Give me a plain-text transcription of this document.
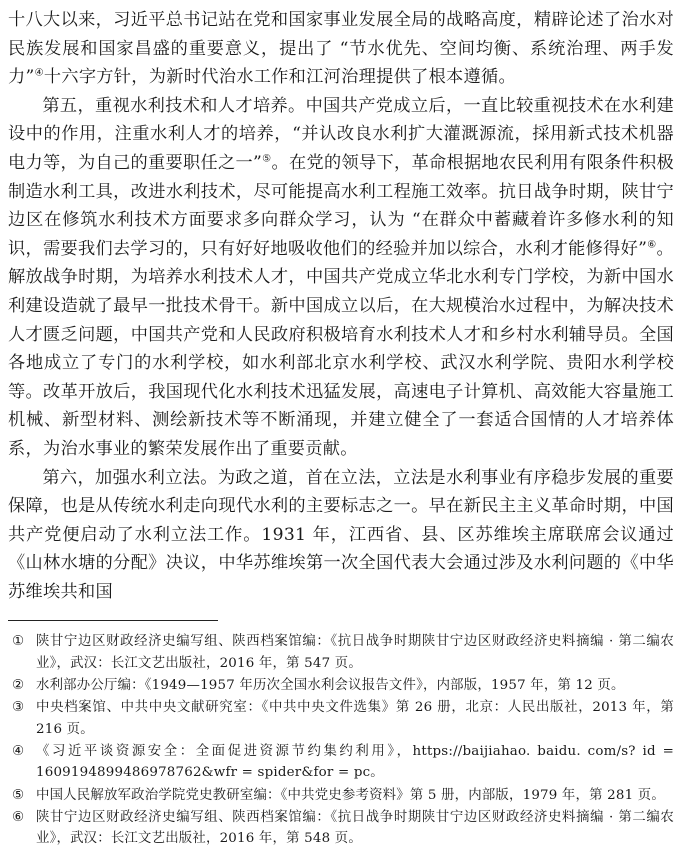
十八大以来，习近平总书记站在党和国家事业发展全局的战略高度，精辟论述了治水对民族发展和国家昌盛的重要意义，提出了 “节水优先、空间均衡、系统治理、两手发力”④十六字方针，为新时代治水工作和江河治理提供了根本遵循。

第五，重视水利技术和人才培养。中国共产党成立后，一直比较重视技术在水利建设中的作用，注重水利人才的培养，“并认改良水利扩大灌溉源流，採用新式技术机器电力等，为自己的重要职任之一”⑤。在党的领导下，革命根据地农民利用有限条件积极制造水利工具，改进水利技术，尽可能提高水利工程施工效率。抗日战争时期，陕甘宁边区在修筑水利技术方面要求多向群众学习，认为 “在群众中蓄藏着许多修水利的知识，需要我们去学习的，只有好好地吸收他们的经验并加以综合，水利才能修得好”⑥。解放战争时期，为培养水利技术人才，中国共产党成立华北水利专门学校，为新中国水利建设造就了最早一批技术骨干。新中国成立以后，在大规模治水过程中，为解决技术人才匮乏问题，中国共产党和人民政府积极培育水利技术人才和乡村水利辅导员。全国各地成立了专门的水利学校，如水利部北京水利学校、武汉水利学院、贵阳水利学校等。改革开放后，我国现代化水利技术迅猛发展，高速电子计算机、高效能大容量施工机械、新型材料、测绘新技术等不断涌现，并建立健全了一套适合国情的人才培养体系，为治水事业的繁荣发展作出了重要贡献。

第六，加强水利立法。为政之道，首在立法，立法是水利事业有序稳步发展的重要保障，也是从传统水利走向现代水利的主要标志之一。早在新民主主义革命时期，中国共产党便启动了水利立法工作。1931 年，江西省、县、区苏维埃主席联席会议通过《山林水塘的分配》决议，中华苏维埃第一次全国代表大会通过涉及水利问题的《中华苏维埃共和国

① 陕甘宁边区财政经济史编写组、陕西档案馆编：《抗日战争时期陕甘宁边区财政经济史料摘编 · 第二编农业》，武汉：长江文艺出版社，2016 年，第 547 页。
② 水利部办公厅编：《1949—1957 年历次全国水利会议报告文件》，内部版，1957 年，第 12 页。
③ 中央档案馆、中共中央文献研究室：《中共中央文件选集》第 26 册，北京：人民出版社，2013 年，第 216 页。
④ 《习近平谈资源安全：全面促进资源节约集约利用》，https://baijiahao. baidu. com/s? id = 1609194899486978762&wfr = spider&for = pc。
⑤ 中国人民解放军政治学院党史教研室编：《中共党史参考资料》第 5 册，内部版，1979 年，第 281 页。
⑥ 陕甘宁边区财政经济史编写组、陕西档案馆编：《抗日战争时期陕甘宁边区财政经济史料摘编 · 第二编农业》，武汉：长江文艺出版社，2016 年，第 548 页。
